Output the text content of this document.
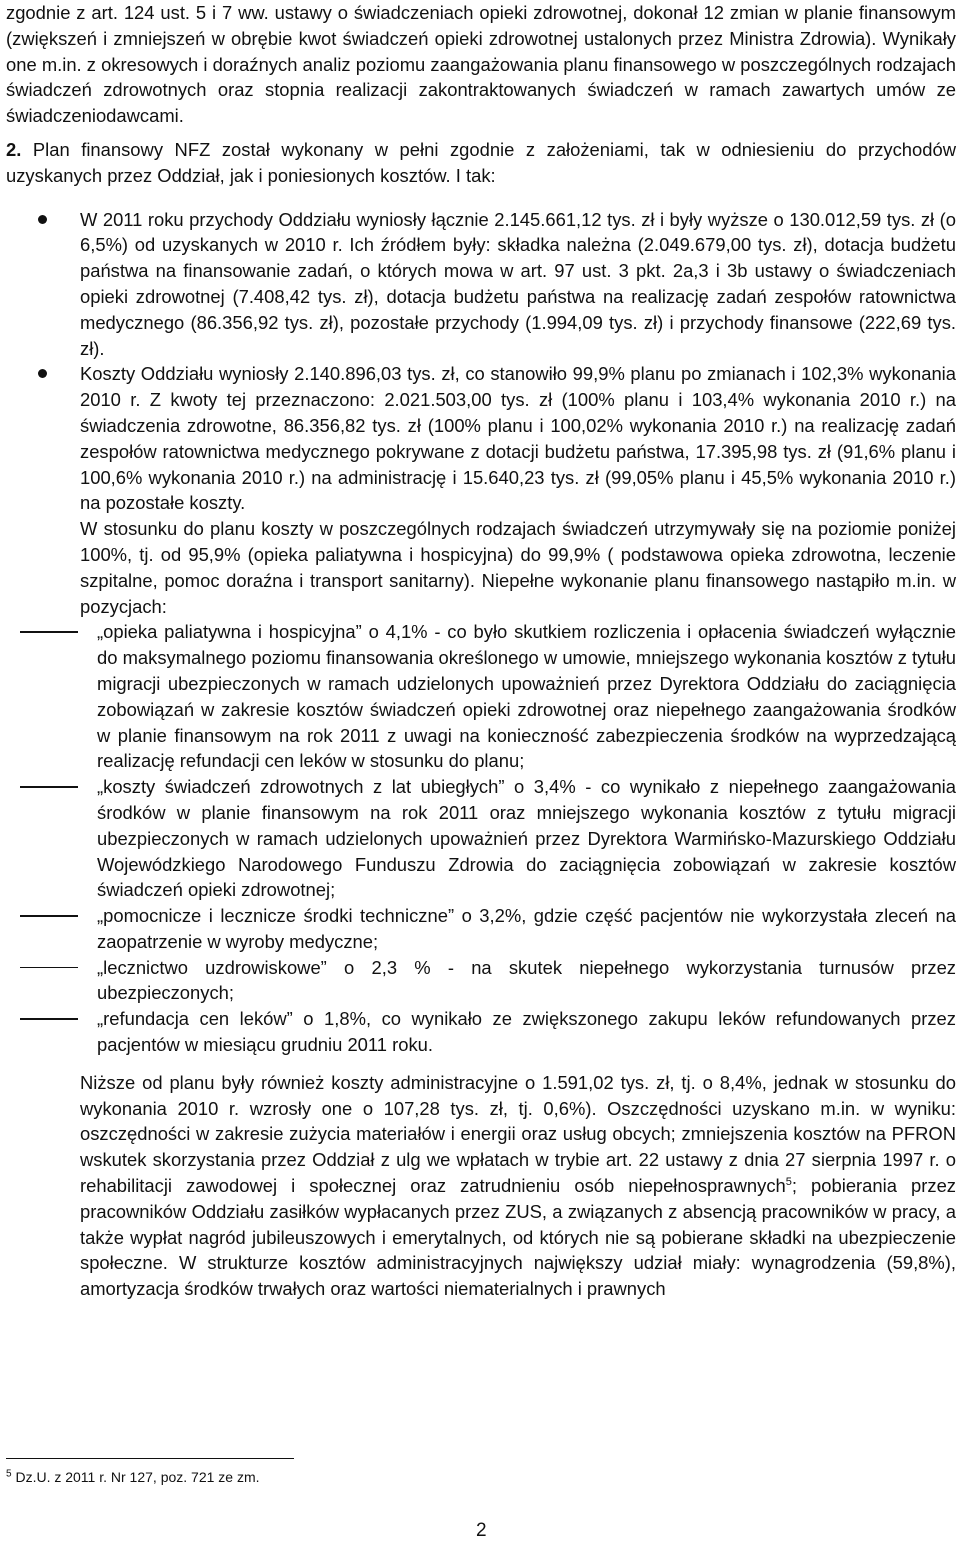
zgodnie z art. 124 ust. 5 i 7 ww. ustawy o świadczeniach opieki zdrowotnej, dokonał 12 zmian w planie finansowym (zwiększeń i zmniejszeń w obrębie kwot świadczeń opieki zdrowotnej ustalonych przez Ministra Zdrowia). Wynikały one m.in. z okresowych i doraźnych analiz poziomu zaangażowania planu finansowego w poszczególnych rodzajach świadczeń zdrowotnych oraz stopnia realizacji zakontraktowanych świadczeń w ramach zawartych umów ze świadczeniodawcami.

2. Plan finansowy NFZ został wykonany w pełni zgodnie z założeniami, tak w odniesieniu do przychodów uzyskanych przez Oddział, jak i poniesionych kosztów. I tak:

W 2011 roku przychody Oddziału wyniosły łącznie 2.145.661,12 tys. zł i były wyższe o 130.012,59 tys. zł (o 6,5%) od uzyskanych w 2010 r. Ich źródłem były: składka należna (2.049.679,00 tys. zł), dotacja budżetu państwa na finansowanie zadań, o których mowa w art. 97 ust. 3 pkt. 2a,3 i 3b ustawy o świadczeniach opieki zdrowotnej (7.408,42 tys. zł), dotacja budżetu państwa na realizację zadań zespołów ratownictwa medycznego (86.356,92 tys. zł), pozostałe przychody (1.994,09 tys. zł) i przychody finansowe (222,69 tys. zł).

Koszty Oddziału wyniosły 2.140.896,03 tys. zł, co stanowiło 99,9% planu po zmianach i 102,3% wykonania 2010 r. Z kwoty tej przeznaczono: 2.021.503,00 tys. zł (100% planu i 103,4% wykonania 2010 r.) na świadczenia zdrowotne, 86.356,82 tys. zł (100% planu i 100,02% wykonania 2010 r.) na realizację zadań zespołów ratownictwa medycznego pokrywane z dotacji budżetu państwa, 17.395,98 tys. zł (91,6% planu i 100,6% wykonania 2010 r.) na administrację i 15.640,23 tys. zł (99,05% planu i 45,5% wykonania 2010 r.) na pozostałe koszty.

W stosunku do planu koszty w poszczególnych rodzajach świadczeń utrzymywały się na poziomie poniżej 100%, tj. od 95,9% (opieka paliatywna i hospicyjna) do 99,9% ( podstawowa opieka zdrowotna, leczenie szpitalne, pomoc doraźna i transport sanitarny). Niepełne wykonanie planu finansowego nastąpiło m.in. w pozycjach:

„opieka paliatywna i hospicyjna” o 4,1% - co było skutkiem rozliczenia i opłacenia świadczeń wyłącznie do maksymalnego poziomu finansowania określonego w umowie, mniejszego wykonania kosztów z tytułu migracji ubezpieczonych w ramach udzielonych upoważnień przez Dyrektora Oddziału do zaciągnięcia zobowiązań w zakresie kosztów świadczeń opieki zdrowotnej oraz niepełnego zaangażowania środków w planie finansowym na rok 2011 z uwagi na konieczność zabezpieczenia środków na wyprzedzającą realizację refundacji cen leków w stosunku do planu;

„koszty świadczeń zdrowotnych z lat ubiegłych” o 3,4% - co wynikało z niepełnego zaangażowania środków w planie finansowym na rok 2011 oraz mniejszego wykonania kosztów z tytułu migracji ubezpieczonych w ramach udzielonych upoważnień przez Dyrektora Warmińsko-Mazurskiego Oddziału Wojewódzkiego Narodowego Funduszu Zdrowia do zaciągnięcia zobowiązań w zakresie kosztów świadczeń opieki zdrowotnej;

„pomocnicze i lecznicze środki techniczne” o 3,2%, gdzie część pacjentów nie wykorzystała zleceń na zaopatrzenie w wyroby medyczne;

„lecznictwo uzdrowiskowe” o 2,3 % - na skutek niepełnego wykorzystania turnusów przez ubezpieczonych;

„refundacja cen leków” o 1,8%, co wynikało ze zwiększonego zakupu leków refundowanych przez pacjentów w miesiącu grudniu 2011 roku.

Niższe od planu były również koszty administracyjne o 1.591,02 tys. zł, tj. o 8,4%, jednak w stosunku do wykonania 2010 r. wzrosły one o 107,28 tys. zł, tj. 0,6%). Oszczędności uzyskano m.in. w wyniku: oszczędności w zakresie zużycia materiałów i energii oraz usług obcych; zmniejszenia kosztów na PFRON wskutek skorzystania przez Oddział z ulg we wpłatach w trybie art. 22 ustawy z dnia 27 sierpnia 1997 r. o rehabilitacji zawodowej i społecznej oraz zatrudnieniu osób niepełnosprawnych$^5$; pobierania przez pracowników Oddziału zasiłków wypłacanych przez ZUS, a związanych z absencją pracowników w pracy, a także wypłat nagród jubileuszowych i emerytalnych, od których nie są pobierane składki na ubezpieczenie społeczne. W strukturze kosztów administracyjnych największy udział miały: wynagrodzenia (59,8%), amortyzacja środków trwałych oraz wartości niematerialnych i prawnych

$^5$ Dz.U. z 2011 r. Nr 127, poz. 721 ze zm.
2
